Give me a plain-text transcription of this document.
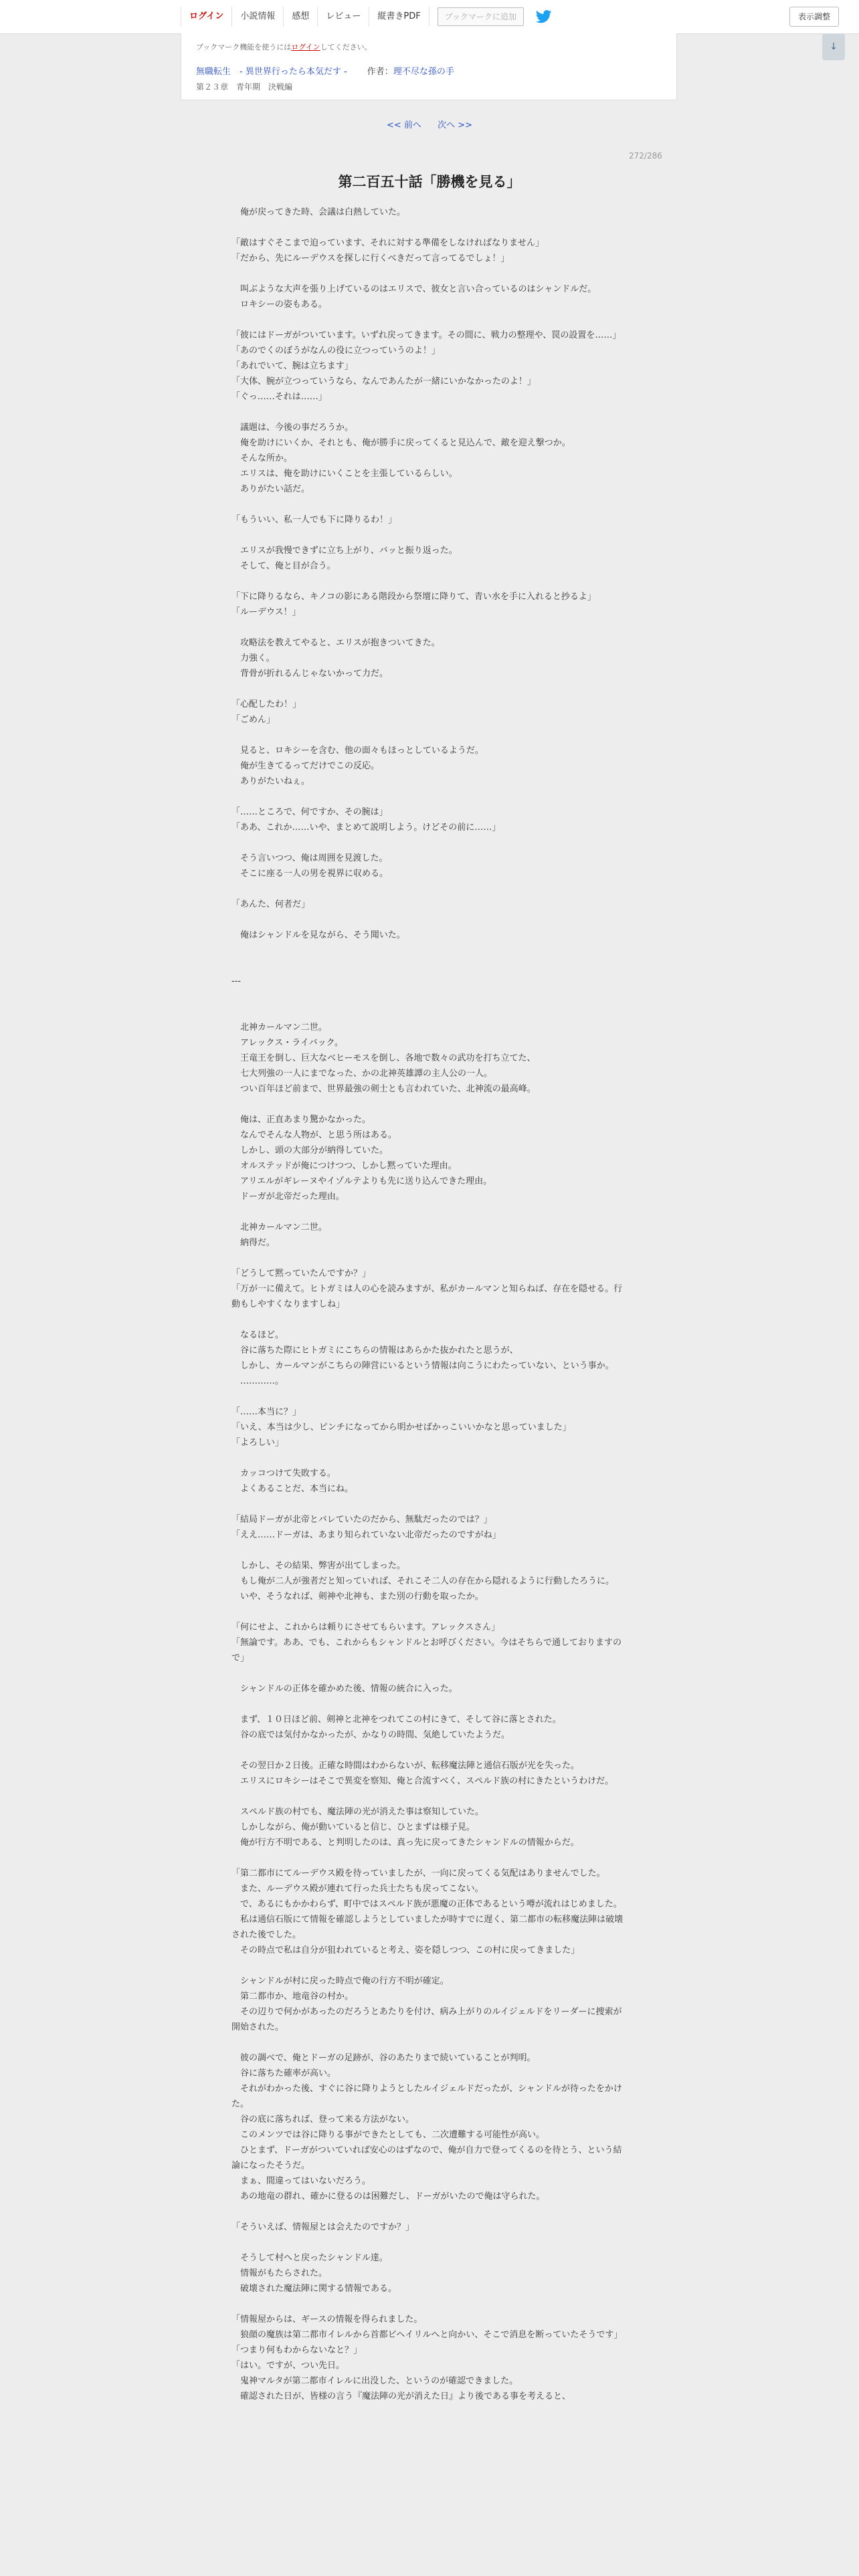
ログイン	小説情報	感想	レビュー	縦書きPDF	ブックマークに追加	表示調整
↓
ブックマーク機能を使うにはログインしてください。
無職転生　- 異世界行ったら本気だす - 作者：理不尽な孫の手
第２３章　青年期　決戦編
<< 前へ 次へ >>
272/286
第二百五十話「勝機を見る」

　俺が戻ってきた時、会議は白熱していた。

「敵はすぐそこまで迫っています、それに対する準備をしなければなりません」

「だから、先にルーデウスを探しに行くべきだって言ってるでしょ！」

　叫ぶような大声を張り上げているのはエリスで、彼女と言い合っているのはシャンドルだ。

　ロキシーの姿もある。

「彼にはドーガがついています。いずれ戻ってきます。その間に、戦力の整理や、罠の設置を……」

「あのでくのぼうがなんの役に立つっていうのよ！」

「あれでいて、腕は立ちます」

「大体、腕が立つっていうなら、なんであんたが一緒にいかなかったのよ！」

「ぐっ……それは……」

　議題は、今後の事だろうか。

　俺を助けにいくか、それとも、俺が勝手に戻ってくると見込んで、敵を迎え撃つか。

　そんな所か。

　エリスは、俺を助けにいくことを主張しているらしい。

　ありがたい話だ。

「もういい、私一人でも下に降りるわ！」

　エリスが我慢できずに立ち上がり、バッと振り返った。

　そして、俺と目が合う。

「下に降りるなら、キノコの影にある階段から祭壇に降りて、青い水を手に入れると抄るよ」

「ルーデウス！」

　攻略法を教えてやると、エリスが抱きついてきた。

　力強く。

　背骨が折れるんじゃないかって力だ。

「心配したわ！」

「ごめん」

　見ると、ロキシーを含む、他の面々もほっとしているようだ。

　俺が生きてるってだけでこの反応。

　ありがたいねぇ。

「……ところで、何ですか、その腕は」

「ああ、これか……いや、まとめて説明しよう。けどその前に……」

　そう言いつつ、俺は周囲を見渡した。

　そこに座る一人の男を視界に収める。

「あんた、何者だ」

　俺はシャンドルを見ながら、そう聞いた。

---

　北神カールマン二世。

　アレックス・ライバック。

　王竜王を倒し、巨大なベヒーモスを倒し、各地で数々の武功を打ち立てた、

　七大列強の一人にまでなった、かの北神英雄譚の主人公の一人。

　つい百年ほど前まで、世界最強の剣士とも言われていた、北神流の最高峰。

　俺は、正直あまり驚かなかった。

　なんでそんな人物が、と思う所はある。

　しかし、頭の大部分が納得していた。

　オルステッドが俺につけつつ、しかし黙っていた理由。

　アリエルがギレーヌやイゾルテよりも先に送り込んできた理由。

　ドーガが北帝だった理由。

　北神カールマン二世。

　納得だ。

「どうして黙っていたんですか？」

「万が一に備えて。ヒトガミは人の心を読みますが、私がカールマンと知らねば、存在を隠せる。行動もしやすくなりますしね」

　なるほど。

　谷に落ちた際にヒトガミにこちらの情報はあらかた抜かれたと思うが、

　しかし、カールマンがこちらの陣営にいるという情報は向こうにわたっていない、という事か。

　…………。

「……本当に？」

「いえ、本当は少し、ピンチになってから明かせばかっこいいかなと思っていました」

「よろしい」

　カッコつけて失敗する。

　よくあることだ、本当にね。

「結局ドーガが北帝とバレていたのだから、無駄だったのでは？」

「ええ……ドーガは、あまり知られていない北帝だったのですがね」

　しかし、その結果、弊害が出てしまった。

　もし俺が二人が強者だと知っていれば、それこそ二人の存在から隠れるように行動したろうに。

　いや、そうなれば、剣神や北神も、また別の行動を取ったか。

「何にせよ、これからは頼りにさせてもらいます。アレックスさん」

「無論です。ああ、でも、これからもシャンドルとお呼びください。今はそちらで通しておりますので」

　シャンドルの正体を確かめた後、情報の統合に入った。

　まず、１０日ほど前、剣神と北神をつれてこの村にきて、そして谷に落とされた。

　谷の底では気付かなかったが、かなりの時間、気絶していたようだ。

　その翌日か２日後。正確な時間はわからないが、転移魔法陣と通信石版が光を失った。

　エリスにロキシーはそこで異変を察知、俺と合流すべく、スペルド族の村にきたというわけだ。

　スペルド族の村でも、魔法陣の光が消えた事は察知していた。

　しかしながら、俺が動いていると信じ、ひとまずは様子見。

　俺が行方不明である、と判明したのは、真っ先に戻ってきたシャンドルの情報からだ。

「第二都市にてルーデウス殿を待っていましたが、一向に戻ってくる気配はありませんでした。

　また、ルーデウス殿が連れて行った兵士たちも戻ってこない。

　で、あるにもかかわらず、町中ではスペルド族が悪魔の正体であるという噂が流れはじめました。

　私は通信石版にて情報を確認しようとしていましたが時すでに遅く、第二都市の転移魔法陣は破壊された後でした。

　その時点で私は自分が狙われていると考え、姿を隠しつつ、この村に戻ってきました」

　シャンドルが村に戻った時点で俺の行方不明が確定。

　第二都市か、地竜谷の村か。

　その辺りで何かがあったのだろうとあたりを付け、病み上がりのルイジェルドをリーダーに捜索が開始された。

　彼の調べで、俺とドーガの足跡が、谷のあたりまで続いていることが判明。

　谷に落ちた確率が高い。

　それがわかった後、すぐに谷に降りようとしたルイジェルドだったが、シャンドルが待ったをかけた。

　谷の底に落ちれば、登って来る方法がない。

　このメンツでは谷に降りる事ができたとしても、二次遭難する可能性が高い。

　ひとまず、ドーガがついていれば安心のはずなので、俺が自力で登ってくるのを待とう、という結論になったそうだ。

　まぁ、間違ってはいないだろう。

　あの地竜の群れ、確かに登るのは困難だし、ドーガがいたので俺は守られた。

「そういえば、情報屋とは会えたのですか？」

　そうして村へと戻ったシャンドル達。

　情報がもたらされた。

　破壊された魔法陣に関する情報である。

「情報屋からは、ギースの情報を得られました。

　狼顔の魔族は第二都市イレルから首都ビヘイリルへと向かい、そこで消息を断っていたそうです」

「つまり何もわからないなと？」

「はい。ですが、つい先日。

　鬼神マルタが第二都市イレルに出没した、というのが確認できました。

　確認された日が、皆様の言う『魔法陣の光が消えた日』より後である事を考えると、
